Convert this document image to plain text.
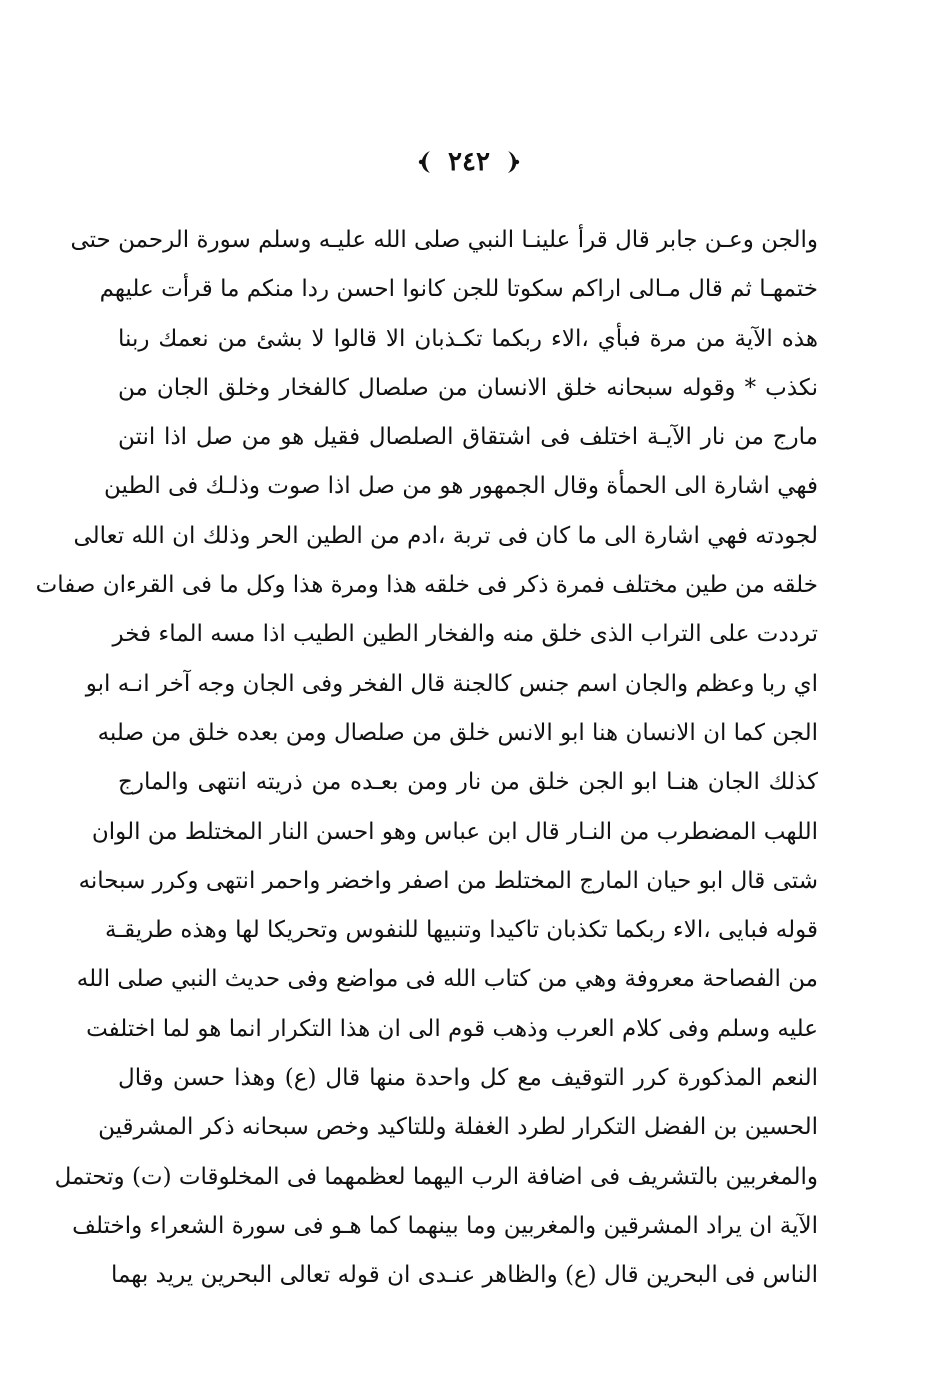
٢٤٢
والجن وعـن جابر قال قرأ علينـا النبي صلى الله عليـه وسلم سورة الرحمن حتى
ختمهـا ثم قال مـالى اراكم سكوتا للجن كانوا احسن ردا منكم ما قرأت عليهم
هذه الآية من مرة فبأي ،الاء ربكما تكـذبان الا قالوا لا بشئ من نعمك ربنا
نكذب * وقوله سبحانه خلق الانسان من صلصال كالفخار وخلق الجان من
مارج من نار الآيـة اختلف فى اشتقاق الصلصال فقيل هو من صل اذا انتن
فهي اشارة الى الحمأة وقال الجمهور هو من صل اذا صوت وذلـك فى الطين
لجودته فهي اشارة الى ما كان فى تربة ،ادم من الطين الحر وذلك ان الله تعالى
خلقه من طين مختلف فمرة ذكر فى خلقه هذا ومرة هذا وكل ما فى القرءان صفات
ترددت على التراب الذى خلق منه والفخار الطين الطيب اذا مسه الماء فخر
اي ربا وعظم والجان اسم جنس كالجنة قال الفخر وفى الجان وجه آخر انـه ابو
الجن كما ان الانسان هنا ابو الانس خلق من صلصال ومن بعده خلق من صلبه
كذلك الجان هنـا ابو الجن خلق من نار ومن بعـده من ذريته انتهى والمارج
اللهب المضطرب من النـار قال ابن عباس وهو احسن النار المختلط من الوان
شتى قال ابو حيان المارج المختلط من اصفر واخضر واحمر انتهى وكرر سبحانه
قوله فبايى ،الاء ربكما تكذبان تاكيدا وتنبيها للنفوس وتحريكا لها وهذه طريقـة
من الفصاحة معروفة وهي من كتاب الله فى مواضع وفى حديث النبي صلى الله
عليه وسلم وفى كلام العرب وذهب قوم الى ان هذا التكرار انما هو لما اختلفت
النعم المذكورة كرر التوقيف مع كل واحدة منها قال (ع) وهذا حسن وقال
الحسين بن الفضل التكرار لطرد الغفلة وللتاكيد وخص سبحانه ذكر المشرقين
والمغربين بالتشريف فى اضافة الرب اليهما لعظمهما فى المخلوقات (ت) وتحتمل
الآية ان يراد المشرقين والمغربين وما بينهما كما هـو فى سورة الشعراء واختلف
الناس فى البحرين قال (ع) والظاهر عنـدى ان قوله تعالى البحرين يريد بهما
